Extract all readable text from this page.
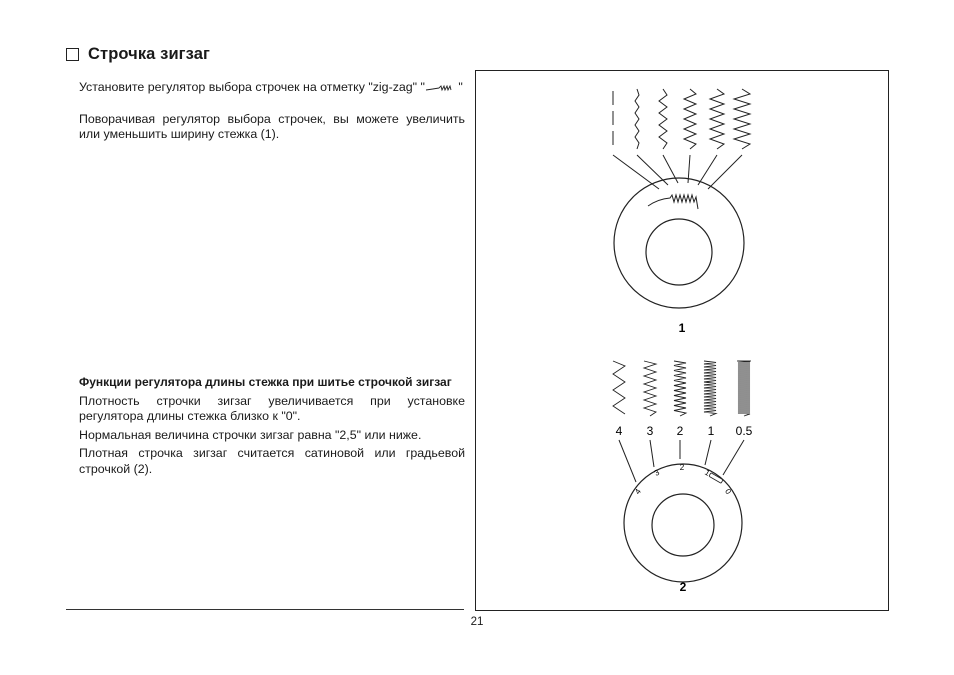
Строчка зигзаг

Установите регулятор выбора строчек на отметку "zig-zag" " "

Поворачивая регулятор выбора строчек, вы можете увеличить или уменьшить ширину стежка (1).

Функции регулятора длины стежка при шитье строчкой зигзаг

Плотность строчки зигзаг увеличивается при установке регулятора длины стежка близко к "0".

Нормальная величина строчки зигзаг равна "2,5" или ниже.

Плотная строчка зигзаг считается сатиновой или градьевой строчкой (2).

1
4 3 2 1 0.5
4
3
2
1
0
2
21
